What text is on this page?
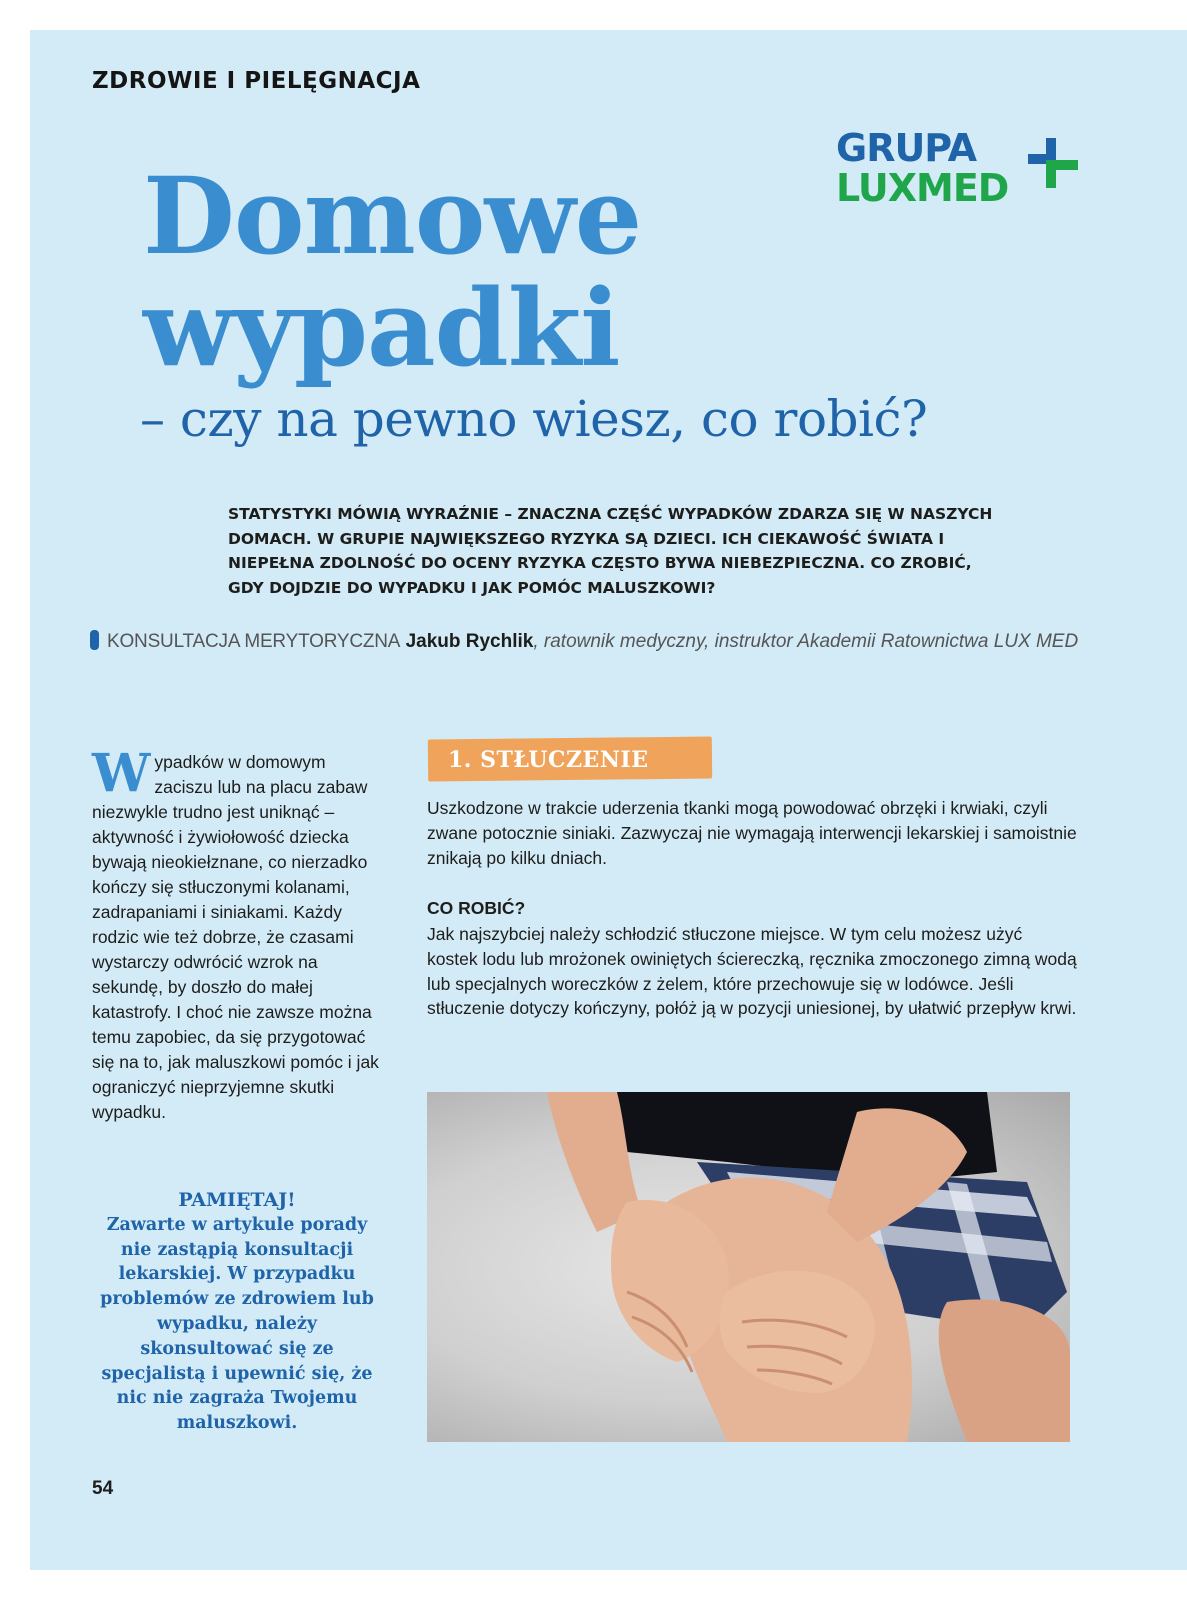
ZDROWIE I PIELĘGNACJA
GRUPA
LUXMED
Domowe
wypadki
– czy na pewno wiesz, co robić?
STATYSTYKI MÓWIĄ WYRAŹNIE – ZNACZNA CZĘŚĆ WYPADKÓW ZDARZA SIĘ W NASZYCH DOMACH. W GRUPIE NAJWIĘKSZEGO RYZYKA SĄ DZIECI. ICH CIEKAWOŚĆ ŚWIATA I NIEPEŁNA ZDOLNOŚĆ DO OCENY RYZYKA CZĘSTO BYWA NIEBEZPIECZNA. CO ZROBIĆ, GDY DOJDZIE DO WYPADKU I JAK POMÓC MALUSZKOWI?
KONSULTACJA MERYTORYCZNA Jakub Rychlik, ratownik medyczny, instruktor Akademii Ratownictwa LUX MED
Wypadków w domowym zaciszu lub na placu zabaw niezwykle trudno jest uniknąć – aktywność i żywiołowość dziecka bywają nieokiełznane, co nierzadko kończy się stłuczonymi kolanami, zadrapaniami i siniakami. Każdy rodzic wie też dobrze, że czasami wystarczy odwrócić wzrok na sekundę, by doszło do małej katastrofy. I choć nie zawsze można temu zapobiec, da się przygotować się na to, jak maluszkowi pomóc i jak ograniczyć nieprzyjemne skutki wypadku.
PAMIĘTAJ!
Zawarte w artykule porady nie zastąpią konsultacji lekarskiej. W przypadku problemów ze zdrowiem lub wypadku, należy skonsultować się ze specjalistą i upewnić się, że nic nie zagraża Twojemu maluszkowi.
1. STŁUCZENIE
Uszkodzone w trakcie uderzenia tkanki mogą powodować obrzęki i krwiaki, czyli zwane potocznie siniaki. Zazwyczaj nie wymagają interwencji lekarskiej i samoistnie znikają po kilku dniach.
CO ROBIĆ?
Jak najszybciej należy schłodzić stłuczone miejsce. W tym celu możesz użyć kostek lodu lub mrożonek owiniętych ściereczką, ręcznika zmoczonego zimną wodą lub specjalnych woreczków z żelem, które przechowuje się w lodówce. Jeśli stłuczenie dotyczy kończyny, połóż ją w pozycji uniesionej, by ułatwić przepływ krwi.
54
